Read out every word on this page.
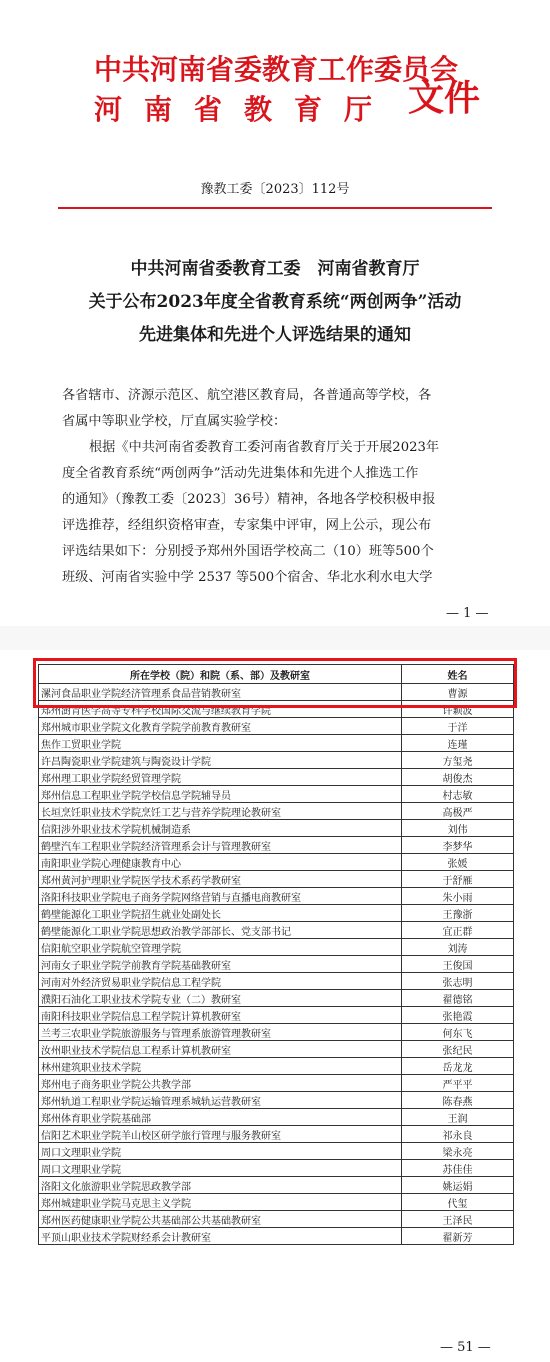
中共河南省委教育工作委员会
河南省教育厅 文件
豫教工委〔2023〕112号
中共河南省委教育工委　河南省教育厅
关于公布2023年度全省教育系统“两创两争”活动
先进集体和先进个人评选结果的通知
各省辖市、济源示范区、航空港区教育局，各普通高等学校，各
省属中等职业学校，厅直属实验学校：
根据《中共河南省委教育工委河南省教育厅关于开展2023年
度全省教育系统“两创两争”活动先进集体和先进个人推选工作
的通知》（豫教工委〔2023〕36号）精神，各地各学校积极申报
评选推荐，经组织资格审查，专家集中评审，网上公示，现公布
评选结果如下：分别授予郑州外国语学校高二（10）班等500个
班级、河南省实验中学 2537 等500个宿舍、华北水利水电大学
— 1 —
所在学校（院）和院（系、部）及教研室	姓名
漯河食品职业学院经济管理系食品营销教研室	曹源
郑州澍青医学高等专科学校国际交流与继续教育学院	许颖波
郑州城市职业学院文化教育学院学前教育教研室	于洋
焦作工贸职业学院	连瑾
许昌陶瓷职业学院建筑与陶瓷设计学院	方玺尧
郑州理工职业学院经贸管理学院	胡俊杰
郑州信息工程职业学院学校信息学院辅导员	村志敏
长垣烹饪职业技术学院烹饪工艺与营养学院理论教研室	高极严
信阳涉外职业技术学院机械制造系	刘伟
鹤壁汽车工程职业学院经济管理系会计与管理教研室	李梦华
南阳职业学院心理健康教育中心	张媛
郑州黄河护理职业学院医学技术系药学教研室	于舒雁
洛阳科技职业学院电子商务学院网络营销与直播电商教研室	朱小雨
鹤壁能源化工职业学院招生就业处副处长	王豫浙
鹤壁能源化工职业学院思想政治教学部部长、党支部书记	宜正群
信阳航空职业学院航空管理学院	刘涛
河南女子职业学院学前教育学院基础教研室	王俊国
河南对外经济贸易职业学院信息工程学院	张志明
濮阳石油化工职业技术学院专业（二）教研室	翟德铭
南阳科技职业学院信息工程学院计算机教研室	张艳霞
兰考三农职业学院旅游服务与管理系旅游管理教研室	何东飞
汝州职业技术学院信息工程系计算机教研室	张纪民
林州建筑职业技术学院	岳龙龙
郑州电子商务职业学院公共教学部	严平平
郑州轨道工程职业学院运输管理系城轨运营教研室	陈春燕
郑州体育职业学院基础部	王润
信阳艺术职业学院羊山校区研学旅行管理与服务教研室	祁永良
周口文理职业学院	梁永亮
周口文理职业学院	苏佳佳
洛阳文化旅游职业学院思政教学部	姚运娟
郑州城建职业学院马克思主义学院	代玺
郑州医药健康职业学院公共基础部公共基础教研室	王泽民
平顶山职业技术学院财经系会计教研室	翟新芳
— 51 —
